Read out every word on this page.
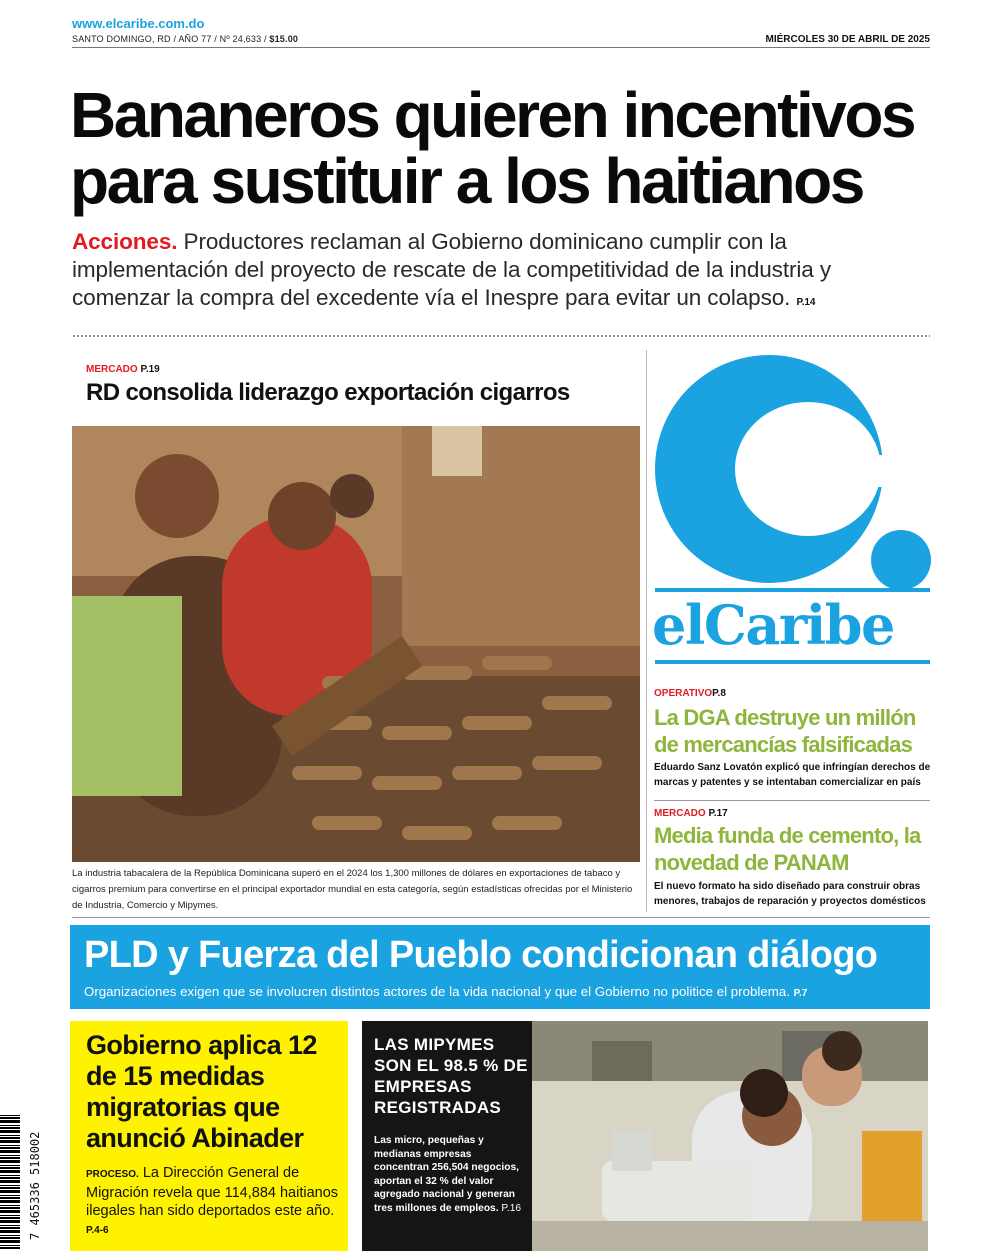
www.elcaribe.com.do
SANTO DOMINGO, RD / AÑO 77 / Nº 24,633 / $15.00	MIÉRCOLES 30 DE ABRIL DE 2025
Bananeros quieren incentivos
para sustituir a los haitianos

Acciones. Productores reclaman al Gobierno dominicano cumplir con la implementación del proyecto de rescate de la competitividad de la industria y comenzar la compra del excedente vía el Inespre para evitar un colapso. P.14

MERCADO P.19
RD consolida liderazgo exportación cigarros

La industria tabacalera de la República Dominicana superó en el 2024 los 1,300 millones de dólares en exportaciones de tabaco y cigarros premium para convertirse en el principal exportador mundial en esta categoría, según estadísticas ofrecidas por el Ministerio de Industria, Comercio y Mipymes.

elCaribe
OPERATIVOP.8
La DGA destruye un millón de mercancías falsificadas

Eduardo Sanz Lovatón explicó que infringían derechos de marcas y patentes y se intentaban comercializar en país

MERCADO P.17
Media funda de cemento, la novedad de PANAM

El nuevo formato ha sido diseñado para construir obras menores, trabajos de reparación y proyectos domésticos

PLD y Fuerza del Pueblo condicionan diálogo

Organizaciones exigen que se involucren distintos actores de la vida nacional y que el Gobierno no politice el problema. P.7

Gobierno aplica 12 de 15 medidas migratorias que anunció Abinader

PROCESO. La Dirección General de Migración revela que 114,884 haitianos ilegales han sido deportados este año. P.4-6

7 465336 518002

LAS MIPYMES SON EL 98.5 % DE EMPRESAS REGISTRADAS

Las micro, pequeñas y medianas empresas concentran 256,504 negocios, aportan el 32 % del valor agregado nacional y generan tres millones de empleos. P.16
